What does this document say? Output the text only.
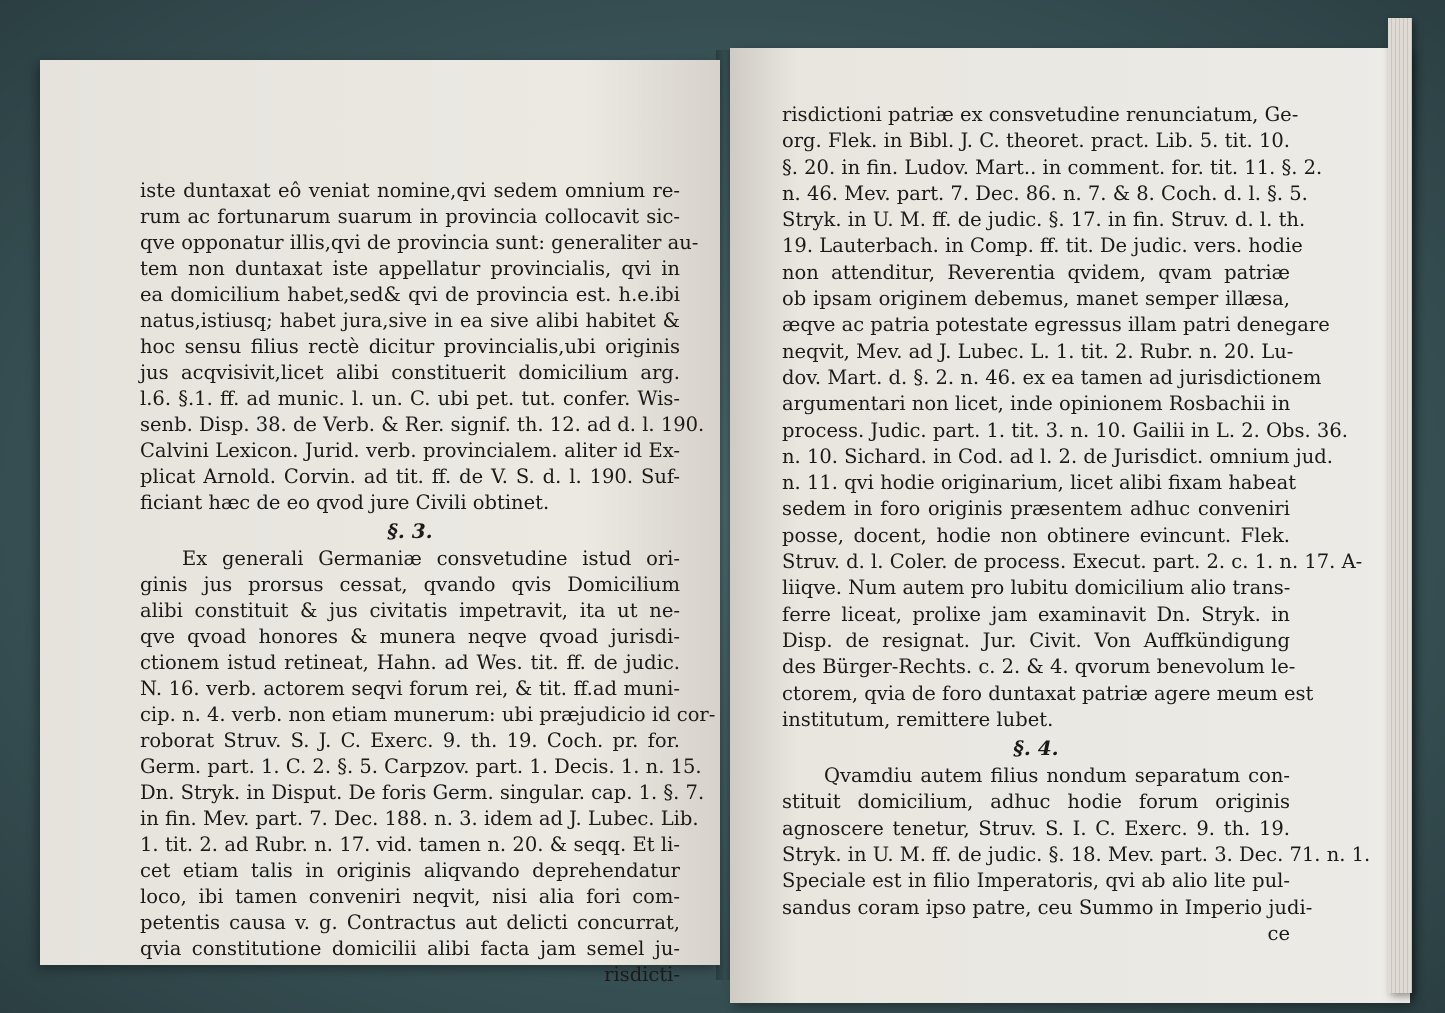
iste duntaxat eô veniat nomine,qvi sedem omnium re-
rum ac fortunarum suarum in provincia collocavit sic-
qve opponatur illis,qvi de provincia sunt: generaliter au-
tem non duntaxat iste appellatur provincialis, qvi in
ea domicilium habet,sed& qvi de provincia est. h.e.ibi
natus,istiusq; habet jura,sive in ea sive alibi habitet &
hoc sensu filius rectè dicitur provincialis,ubi originis
jus acqvisivit,licet alibi constituerit domicilium arg.
l.6. §.1. ff. ad munic. l. un. C. ubi pet. tut. confer. Wis-
senb. Disp. 38. de Verb. & Rer. signif. th. 12. ad d. l. 190.
Calvini Lexicon. Jurid. verb. provincialem. aliter id Ex-
plicat Arnold. Corvin. ad tit. ff. de V. S. d. l. 190. Suf-
ficiant hæc de eo qvod jure Civili obtinet.
§. 3.
Ex generali Germaniæ consvetudine istud ori-
ginis jus prorsus cessat, qvando qvis Domicilium
alibi constituit & jus civitatis impetravit, ita ut ne-
qve qvoad honores & munera neqve qvoad jurisdi-
ctionem istud retineat, Hahn. ad Wes. tit. ff. de judic.
N. 16. verb. actorem seqvi forum rei, & tit. ff.ad muni-
cip. n. 4. verb. non etiam munerum: ubi præjudicio id cor-
roborat Struv. S. J. C. Exerc. 9. th. 19. Coch. pr. for.
Germ. part. 1. C. 2. §. 5. Carpzov. part. 1. Decis. 1. n. 15.
Dn. Stryk. in Disput. De foris Germ. singular. cap. 1. §. 7.
in fin. Mev. part. 7. Dec. 188. n. 3. idem ad J. Lubec. Lib.
1. tit. 2. ad Rubr. n. 17. vid. tamen n. 20. & seqq. Et li-
cet etiam talis in originis aliqvando deprehendatur
loco, ibi tamen conveniri neqvit, nisi alia fori com-
petentis causa v. g. Contractus aut delicti concurrat,
qvia constitutione domicilii alibi facta jam semel ju-
risdicti-
risdictioni patriæ ex consvetudine renunciatum, Ge-
org. Flek. in Bibl. J. C. theoret. pract. Lib. 5. tit. 10.
§. 20. in fin. Ludov. Mart.. in comment. for. tit. 11. §. 2.
n. 46. Mev. part. 7. Dec. 86. n. 7. & 8. Coch. d. l. §. 5.
Stryk. in U. M. ff. de judic. §. 17. in fin. Struv. d. l. th.
19. Lauterbach. in Comp. ff. tit. De judic. vers. hodie
non attenditur, Reverentia qvidem, qvam patriæ
ob ipsam originem debemus, manet semper illæsa,
æqve ac patria potestate egressus illam patri denegare
neqvit, Mev. ad J. Lubec. L. 1. tit. 2. Rubr. n. 20. Lu-
dov. Mart. d. §. 2. n. 46. ex ea tamen ad jurisdictionem
argumentari non licet, inde opinionem Rosbachii in
process. Judic. part. 1. tit. 3. n. 10. Gailii in L. 2. Obs. 36.
n. 10. Sichard. in Cod. ad l. 2. de Jurisdict. omnium jud.
n. 11. qvi hodie originarium, licet alibi fixam habeat
sedem in foro originis præsentem adhuc conveniri
posse, docent, hodie non obtinere evincunt. Flek.
Struv. d. l. Coler. de process. Execut. part. 2. c. 1. n. 17. A-
liiqve. Num autem pro lubitu domicilium alio trans-
ferre liceat, prolixe jam examinavit Dn. Stryk. in
Disp. de resignat. Jur. Civit. Von Auffkündigung
des Bürger-Rechts. c. 2. & 4. qvorum benevolum le-
ctorem, qvia de foro duntaxat patriæ agere meum est
institutum, remittere lubet.
§. 4.
Qvamdiu autem filius nondum separatum con-
stituit domicilium, adhuc hodie forum originis
agnoscere tenetur, Struv. S. I. C. Exerc. 9. th. 19.
Stryk. in U. M. ff. de judic. §. 18. Mev. part. 3. Dec. 71. n. 1.
Speciale est in filio Imperatoris, qvi ab alio lite pul-
sandus coram ipso patre, ceu Summo in Imperio judi-
ce
